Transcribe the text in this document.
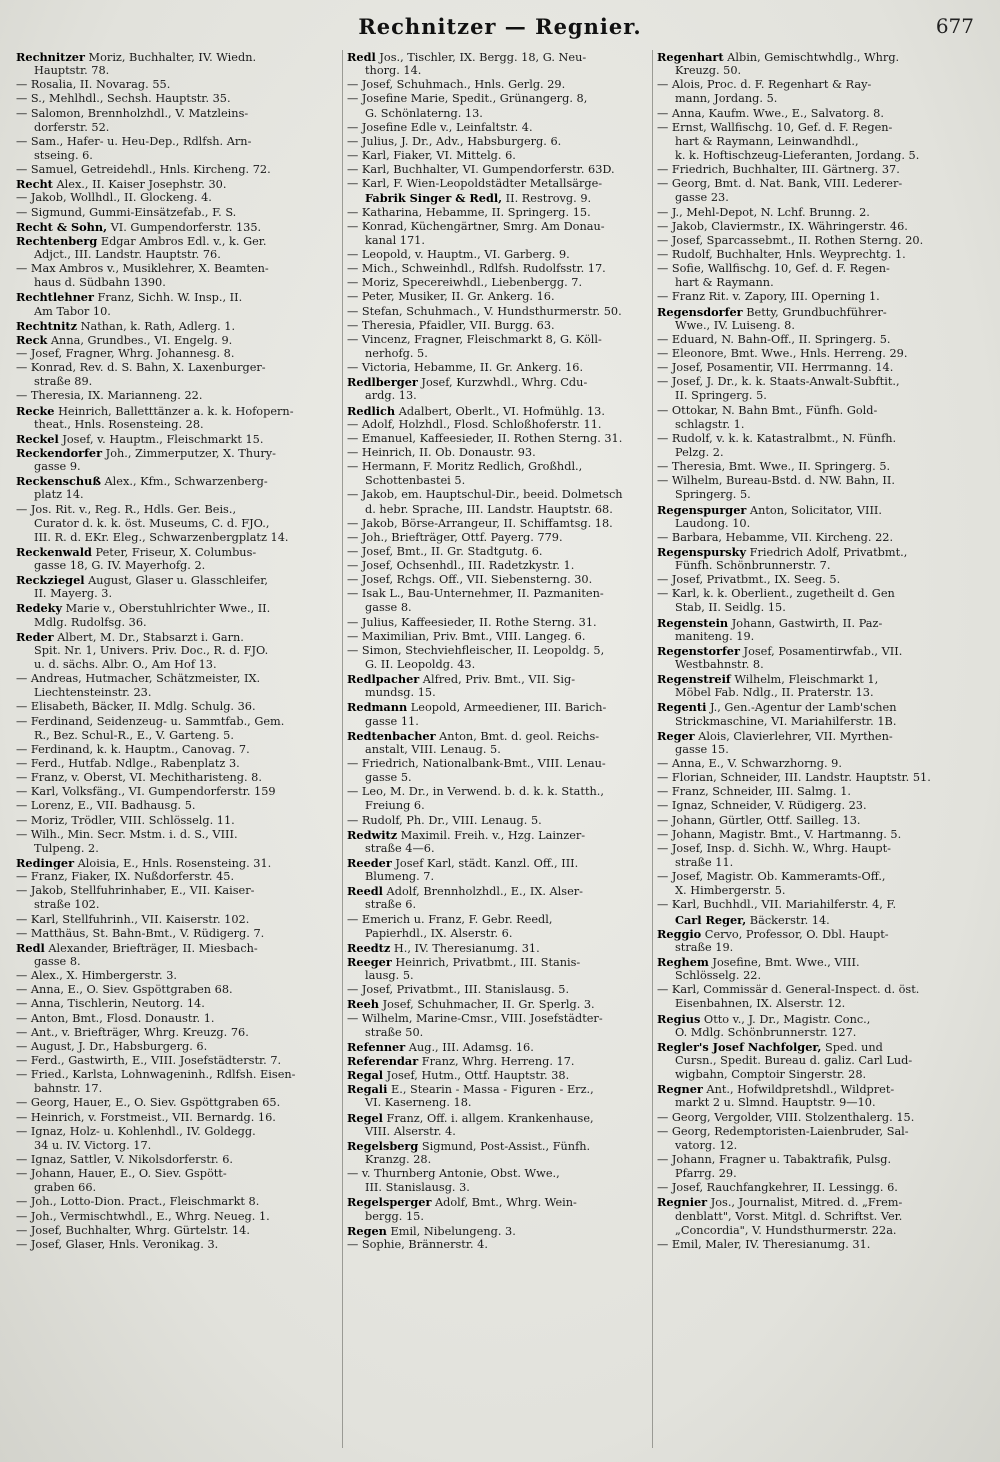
Rechnitzer — Regnier.	677
Rechnitzer Moriz, Buchhalter, IV. Wiedn.
Hauptstr. 78.
— Rosalia, II. Novarag. 55.
— S., Mehlhdl., Sechsh. Hauptstr. 35.
— Salomon, Brennholzhdl., V. Matzleins-
dorferstr. 52.
— Sam., Hafer- u. Heu-Dep., Rdlfsh. Arn-
stseing. 6.
— Samuel, Getreidehdl., Hnls. Kircheng. 72.
Recht Alex., II. Kaiser Josephstr. 30.
— Jakob, Wollhdl., II. Glockeng. 4.
— Sigmund, Gummi-Einsätzefab., F. S.
Recht & Sohn, VI. Gumpendorferstr. 135.
Rechtenberg Edgar Ambros Edl. v., k. Ger.
Adjct., III. Landstr. Hauptstr. 76.
— Max Ambros v., Musiklehrer, X. Beamten-
haus d. Südbahn 1390.
Rechtlehner Franz, Sichh. W. Insp., II.
Am Tabor 10.
Rechtnitz Nathan, k. Rath, Adlerg. 1.
Reck Anna, Grundbes., VI. Engelg. 9.
— Josef, Fragner, Whrg. Johannesg. 8.
— Konrad, Rev. d. S. Bahn, X. Laxenburger-
straße 89.
— Theresia, IX. Marianneng. 22.
Recke Heinrich, Balletttänzer a. k. k. Hofopern-
theat., Hnls. Rosensteing. 28.
Reckel Josef, v. Hauptm., Fleischmarkt 15.
Reckendorfer Joh., Zimmerputzer, X. Thury-
gasse 9.
Reckenschuß Alex., Kfm., Schwarzenberg-
platz 14.
— Jos. Rit. v., Reg. R., Hdls. Ger. Beis.,
Curator d. k. k. öst. Museums, C. d. FJO.,
III. R. d. EKr. Eleg., Schwarzenbergplatz 14.
Reckenwald Peter, Friseur, X. Columbus-
gasse 18, G. IV. Mayerhofg. 2.
Reckziegel August, Glaser u. Glasschleifer,
II. Mayerg. 3.
Redeky Marie v., Oberstuhlrichter Wwe., II.
Mdlg. Rudolfsg. 36.
Reder Albert, M. Dr., Stabsarzt i. Garn.
Spit. Nr. 1, Univers. Priv. Doc., R. d. FJO.
u. d. sächs. Albr. O., Am Hof 13.
— Andreas, Hutmacher, Schätzmeister, IX.
Liechtensteinstr. 23.
— Elisabeth, Bäcker, II. Mdlg. Schulg. 36.
— Ferdinand, Seidenzeug- u. Sammtfab., Gem.
R., Bez. Schul-R., E., V. Garteng. 5.
— Ferdinand, k. k. Hauptm., Canovag. 7.
— Ferd., Hutfab. Ndlge., Rabenplatz 3.
— Franz, v. Oberst, VI. Mechitharisteng. 8.
— Karl, Volksfäng., VI. Gumpendorferstr. 159
— Lorenz, E., VII. Badhausg. 5.
— Moriz, Trödler, VIII. Schlösselg. 11.
— Wilh., Min. Secr. Mstm. i. d. S., VIII.
Tulpeng. 2.
Redinger Aloisia, E., Hnls. Rosensteing. 31.
— Franz, Fiaker, IX. Nußdorferstr. 45.
— Jakob, Stellfuhrinhaber, E., VII. Kaiser-
straße 102.
— Karl, Stellfuhrinh., VII. Kaiserstr. 102.
— Matthäus, St. Bahn-Bmt., V. Rüdigerg. 7.
Redl Alexander, Briefträger, II. Miesbach-
gasse 8.
— Alex., X. Himbergerstr. 3.
— Anna, E., O. Siev. Gspöttgraben 68.
— Anna, Tischlerin, Neutorg. 14.
— Anton, Bmt., Flosd. Donaustr. 1.
— Ant., v. Briefträger, Whrg. Kreuzg. 76.
— August, J. Dr., Habsburgerg. 6.
— Ferd., Gastwirth, E., VIII. Josefstädterstr. 7.
— Fried., Karlsta, Lohnwageninh., Rdlfsh. Eisen-
bahnstr. 17.
— Georg, Hauer, E., O. Siev. Gspöttgraben 65.
— Heinrich, v. Forstmeist., VII. Bernardg. 16.
— Ignaz, Holz- u. Kohlenhdl., IV. Goldegg.
34 u. IV. Victorg. 17.
— Ignaz, Sattler, V. Nikolsdorferstr. 6.
— Johann, Hauer, E., O. Siev. Gspött-
graben 66.
— Joh., Lotto-Dion. Pract., Fleischmarkt 8.
— Joh., Vermischtwhdl., E., Whrg. Neueg. 1.
— Josef, Buchhalter, Whrg. Gürtelstr. 14.
— Josef, Glaser, Hnls. Veronikag. 3.
Redl Jos., Tischler, IX. Bergg. 18, G. Neu-
thorg. 14.
— Josef, Schuhmach., Hnls. Gerlg. 29.
— Josefine Marie, Spedit., Grünangerg. 8,
G. Schönlaterng. 13.
— Josefine Edle v., Leinfaltstr. 4.
— Julius, J. Dr., Adv., Habsburgerg. 6.
— Karl, Fiaker, VI. Mittelg. 6.
— Karl, Buchhalter, VI. Gumpendorferstr. 63D.
— Karl, F. Wien-Leopoldstädter Metallsärge-
Fabrik Singer & Redl, II. Restrovg. 9.
— Katharina, Hebamme, II. Springerg. 15.
— Konrad, Küchengärtner, Smrg. Am Donau-
kanal 171.
— Leopold, v. Hauptm., VI. Garberg. 9.
— Mich., Schweinhdl., Rdlfsh. Rudolfsstr. 17.
— Moriz, Specereiwhdl., Liebenbergg. 7.
— Peter, Musiker, II. Gr. Ankerg. 16.
— Stefan, Schuhmach., V. Hundsthurmerstr. 50.
— Theresia, Pfaidler, VII. Burgg. 63.
— Vincenz, Fragner, Fleischmarkt 8, G. Köll-
nerhofg. 5.
— Victoria, Hebamme, II. Gr. Ankerg. 16.
Redlberger Josef, Kurzwhdl., Whrg. Cdu-
ardg. 13.
Redlich Adalbert, Oberlt., VI. Hofmühlg. 13.
— Adolf, Holzhdl., Flosd. Schloßhoferstr. 11.
— Emanuel, Kaffeesieder, II. Rothen Sterng. 31.
— Heinrich, II. Ob. Donaustr. 93.
— Hermann, F. Moritz Redlich, Großhdl.,
Schottenbastei 5.
— Jakob, em. Hauptschul-Dir., beeid. Dolmetsch
d. hebr. Sprache, III. Landstr. Hauptstr. 68.
— Jakob, Börse-Arrangeur, II. Schiffamtsg. 18.
— Joh., Briefträger, Ottf. Payerg. 779.
— Josef, Bmt., II. Gr. Stadtgutg. 6.
— Josef, Ochsenhdl., III. Radetzkystr. 1.
— Josef, Rchgs. Off., VII. Siebensterng. 30.
— Isak L., Bau-Unternehmer, II. Pazmaniten-
gasse 8.
— Julius, Kaffeesieder, II. Rothe Sterng. 31.
— Maximilian, Priv. Bmt., VIII. Langeg. 6.
— Simon, Stechviehfleischer, II. Leopoldg. 5,
G. II. Leopoldg. 43.
Redlpacher Alfred, Priv. Bmt., VII. Sig-
mundsg. 15.
Redmann Leopold, Armeediener, III. Barich-
gasse 11.
Redtenbacher Anton, Bmt. d. geol. Reichs-
anstalt, VIII. Lenaug. 5.
— Friedrich, Nationalbank-Bmt., VIII. Lenau-
gasse 5.
— Leo, M. Dr., in Verwend. b. d. k. k. Statth.,
Freiung 6.
— Rudolf, Ph. Dr., VIII. Lenaug. 5.
Redwitz Maximil. Freih. v., Hzg. Lainzer-
straße 4—6.
Reeder Josef Karl, städt. Kanzl. Off., III.
Blumeng. 7.
Reedl Adolf, Brennholzhdl., E., IX. Alser-
straße 6.
— Emerich u. Franz, F. Gebr. Reedl,
Papierhdl., IX. Alserstr. 6.
Reedtz H., IV. Theresianumg. 31.
Reeger Heinrich, Privatbmt., III. Stanis-
lausg. 5.
— Josef, Privatbmt., III. Stanislausg. 5.
Reeh Josef, Schuhmacher, II. Gr. Sperlg. 3.
— Wilhelm, Marine-Cmsr., VIII. Josefstädter-
straße 50.
Refenner Aug., III. Adamsg. 16.
Referendar Franz, Whrg. Herreng. 17.
Regal Josef, Hutm., Ottf. Hauptstr. 38.
Regali E., Stearin - Massa - Figuren - Erz.,
VI. Kaserneng. 18.
Regel Franz, Off. i. allgem. Krankenhause,
VIII. Alserstr. 4.
Regelsberg Sigmund, Post-Assist., Fünfh.
Kranzg. 28.
— v. Thurnberg Antonie, Obst. Wwe.,
III. Stanislausg. 3.
Regelsperger Adolf, Bmt., Whrg. Wein-
bergg. 15.
Regen Emil, Nibelungeng. 3.
— Sophie, Brännerstr. 4.
Regenhart Albin, Gemischtwhdlg., Whrg.
Kreuzg. 50.
— Alois, Proc. d. F. Regenhart & Ray-
mann, Jordang. 5.
— Anna, Kaufm. Wwe., E., Salvatorg. 8.
— Ernst, Wallfischg. 10, Gef. d. F. Regen-
hart & Raymann, Leinwandhdl.,
k. k. Hoftischzeug-Lieferanten, Jordang. 5.
— Friedrich, Buchhalter, III. Gärtnerg. 37.
— Georg, Bmt. d. Nat. Bank, VIII. Lederer-
gasse 23.
— J., Mehl-Depot, N. Lchf. Brunng. 2.
— Jakob, Claviermstr., IX. Währingerstr. 46.
— Josef, Sparcassebmt., II. Rothen Sterng. 20.
— Rudolf, Buchhalter, Hnls. Weyprechtg. 1.
— Sofie, Wallfischg. 10, Gef. d. F. Regen-
hart & Raymann.
— Franz Rit. v. Zapory, III. Operning 1.
Regensdorfer Betty, Grundbuchführer-
Wwe., IV. Luiseng. 8.
— Eduard, N. Bahn-Off., II. Springerg. 5.
— Eleonore, Bmt. Wwe., Hnls. Herreng. 29.
— Josef, Posamentir, VII. Herrmanng. 14.
— Josef, J. Dr., k. k. Staats-Anwalt-Subftit.,
II. Springerg. 5.
— Ottokar, N. Bahn Bmt., Fünfh. Gold-
schlagstr. 1.
— Rudolf, v. k. k. Katastralbmt., N. Fünfh.
Pelzg. 2.
— Theresia, Bmt. Wwe., II. Springerg. 5.
— Wilhelm, Bureau-Bstd. d. NW. Bahn, II.
Springerg. 5.
Regenspurger Anton, Solicitator, VIII.
Laudong. 10.
— Barbara, Hebamme, VII. Kircheng. 22.
Regenspursky Friedrich Adolf, Privatbmt.,
Fünfh. Schönbrunnerstr. 7.
— Josef, Privatbmt., IX. Seeg. 5.
— Karl, k. k. Oberlient., zugetheilt d. Gen
Stab, II. Seidlg. 15.
Regenstein Johann, Gastwirth, II. Paz-
maniteng. 19.
Regenstorfer Josef, Posamentirwfab., VII.
Westbahnstr. 8.
Regenstreif Wilhelm, Fleischmarkt 1,
Möbel Fab. Ndlg., II. Praterstr. 13.
Regenti J., Gen.-Agentur der Lamb'schen
Strickmaschine, VI. Mariahilferstr. 1B.
Reger Alois, Clavierlehrer, VII. Myrthen-
gasse 15.
— Anna, E., V. Schwarzhorng. 9.
— Florian, Schneider, III. Landstr. Hauptstr. 51.
— Franz, Schneider, III. Salmg. 1.
— Ignaz, Schneider, V. Rüdigerg. 23.
— Johann, Gürtler, Ottf. Sailleg. 13.
— Johann, Magistr. Bmt., V. Hartmanng. 5.
— Josef, Insp. d. Sichh. W., Whrg. Haupt-
straße 11.
— Josef, Magistr. Ob. Kammeramts-Off.,
X. Himbergerstr. 5.
— Karl, Buchhdl., VII. Mariahilferstr. 4, F.
Carl Reger, Bäckerstr. 14.
Reggio Cervo, Professor, O. Dbl. Haupt-
straße 19.
Reghem Josefine, Bmt. Wwe., VIII.
Schlösselg. 22.
— Karl, Commissär d. General-Inspect. d. öst.
Eisenbahnen, IX. Alserstr. 12.
Regius Otto v., J. Dr., Magistr. Conc.,
O. Mdlg. Schönbrunnerstr. 127.
Regler's Josef Nachfolger, Sped. und
Cursn., Spedit. Bureau d. galiz. Carl Lud-
wigbahn, Comptoir Singerstr. 28.
Regner Ant., Hofwildpretshdl., Wildpret-
markt 2 u. Slmnd. Hauptstr. 9—10.
— Georg, Vergolder, VIII. Stolzenthalerg. 15.
— Georg, Redemptoristen-Laienbruder, Sal-
vatorg. 12.
— Johann, Fragner u. Tabaktrafik, Pulsg.
Pfarrg. 29.
— Josef, Rauchfangkehrer, II. Lessingg. 6.
Regnier Jos., Journalist, Mitred. d. „Frem-
denblatt", Vorst. Mitgl. d. Schriftst. Ver.
„Concordia", V. Hundsthurmerstr. 22a.
— Emil, Maler, IV. Theresianumg. 31.
